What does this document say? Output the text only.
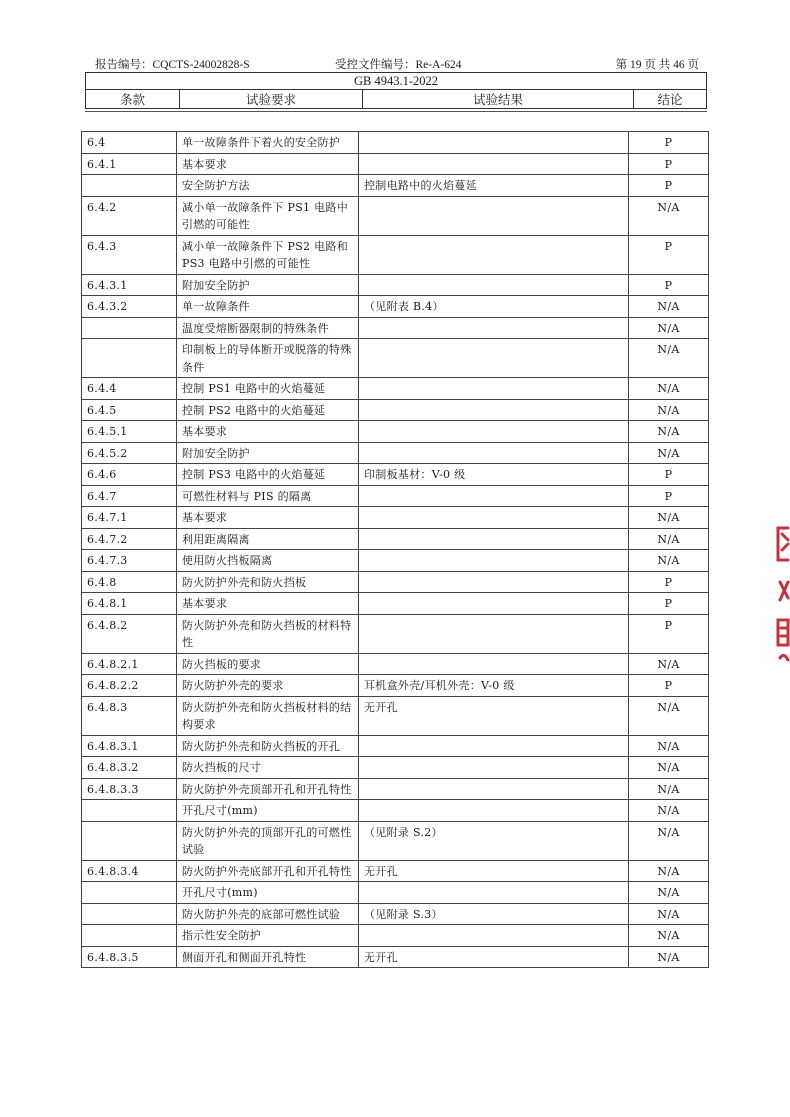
报告编号：CQCTS-24002828-S	受控文件编号：Re-A-624	第 19 页 共 46 页
GB 4943.1-2022
条款	试验要求	试验结果	结论
6.4	单一故障条件下着火的安全防护		P
6.4.1	基本要求		P
	安全防护方法	控制电路中的火焰蔓延	P
6.4.2	减小单一故障条件下 PS1 电路中引燃的可能性		N/A
6.4.3	减小单一故障条件下 PS2 电路和 PS3 电路中引燃的可能性		P
6.4.3.1	附加安全防护		P
6.4.3.2	单一故障条件	（见附表 B.4）	N/A
	温度受熔断器限制的特殊条件		N/A
	印制板上的导体断开或脱落的特殊条件		N/A
6.4.4	控制 PS1 电路中的火焰蔓延		N/A
6.4.5	控制 PS2 电路中的火焰蔓延		N/A
6.4.5.1	基本要求		N/A
6.4.5.2	附加安全防护		N/A
6.4.6	控制 PS3 电路中的火焰蔓延	印制板基材：V-0 级	P
6.4.7	可燃性材料与 PIS 的隔离		P
6.4.7.1	基本要求		N/A
6.4.7.2	利用距离隔离		N/A
6.4.7.3	使用防火挡板隔离		N/A
6.4.8	防火防护外壳和防火挡板		P
6.4.8.1	基本要求		P
6.4.8.2	防火防护外壳和防火挡板的材料特性		P
6.4.8.2.1	防火挡板的要求		N/A
6.4.8.2.2	防火防护外壳的要求	耳机盒外壳/耳机外壳：V-0 级	P
6.4.8.3	防火防护外壳和防火挡板材料的结构要求	无开孔	N/A
6.4.8.3.1	防火防护外壳和防火挡板的开孔		N/A
6.4.8.3.2	防火挡板的尺寸		N/A
6.4.8.3.3	防火防护外壳顶部开孔和开孔特性		N/A
	开孔尺寸(mm)		N/A
	防火防护外壳的顶部开孔的可燃性试验	（见附录 S.2）	N/A
6.4.8.3.4	防火防护外壳底部开孔和开孔特性	无开孔	N/A
	开孔尺寸(mm)		N/A
	防火防护外壳的底部可燃性试验	（见附录 S.3）	N/A
	指示性安全防护		N/A
6.4.8.3.5	侧面开孔和侧面开孔特性	无开孔	N/A
